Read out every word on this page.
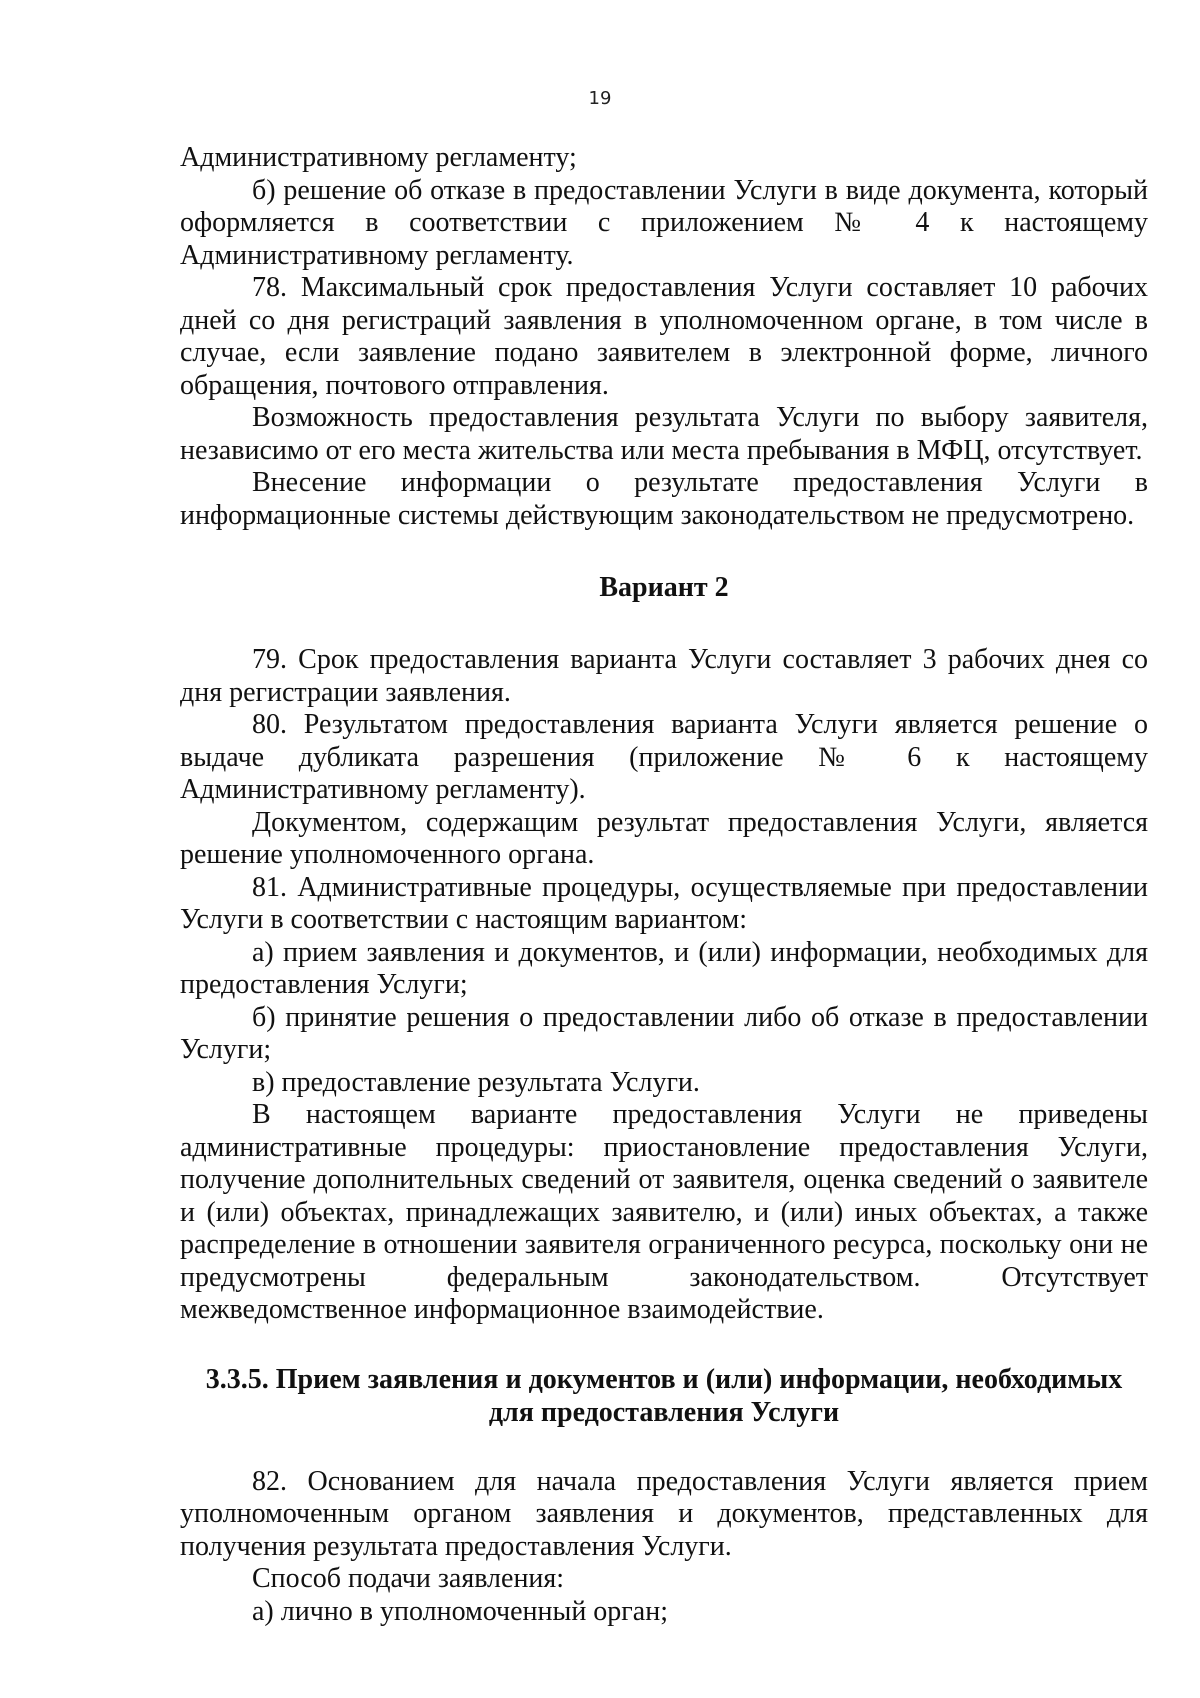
19

Административному регламенту;

б) решение об отказе в предоставлении Услуги в виде документа, который оформляется в соответствии с приложением № 4 к настоящему Административному регламенту.

78. Максимальный срок предоставления Услуги составляет 10 рабочих дней со дня регистраций заявления в уполномоченном органе, в том числе в случае, если заявление подано заявителем в электронной форме, личного обращения, почтового отправления.

Возможность предоставления результата Услуги по выбору заявителя, независимо от его места жительства или места пребывания в МФЦ, отсутствует.

Внесение информации о результате предоставления Услуги в информационные системы действующим законодательством не предусмотрено.

Вариант 2

79. Срок предоставления варианта Услуги составляет 3 рабочих днея со дня регистрации заявления.

80. Результатом предоставления варианта Услуги является решение о выдаче дубликата разрешения (приложение № 6 к настоящему Административному регламенту).

Документом, содержащим результат предоставления Услуги, является решение уполномоченного органа.

81. Административные процедуры, осуществляемые при предоставлении Услуги в соответствии с настоящим вариантом:

а) прием заявления и документов, и (или) информации, необходимых для предоставления Услуги;

б) принятие решения о предоставлении либо об отказе в предоставлении Услуги;

в) предоставление результата Услуги.

В настоящем варианте предоставления Услуги не приведены административные процедуры: приостановление предоставления Услуги, получение дополнительных сведений от заявителя, оценка сведений о заявителе и (или) объектах, принадлежащих заявителю, и (или) иных объектах, а также распределение в отношении заявителя ограниченного ресурса, поскольку они не предусмотрены федеральным законодательством. Отсутствует межведомственное информационное взаимодействие.

3.3.5. Прием заявления и документов и (или) информации, необходимых
для предоставления Услуги

82. Основанием для начала предоставления Услуги является прием уполномоченным органом заявления и документов, представленных для получения результата предоставления Услуги.

Способ подачи заявления:

а) лично в уполномоченный орган;
